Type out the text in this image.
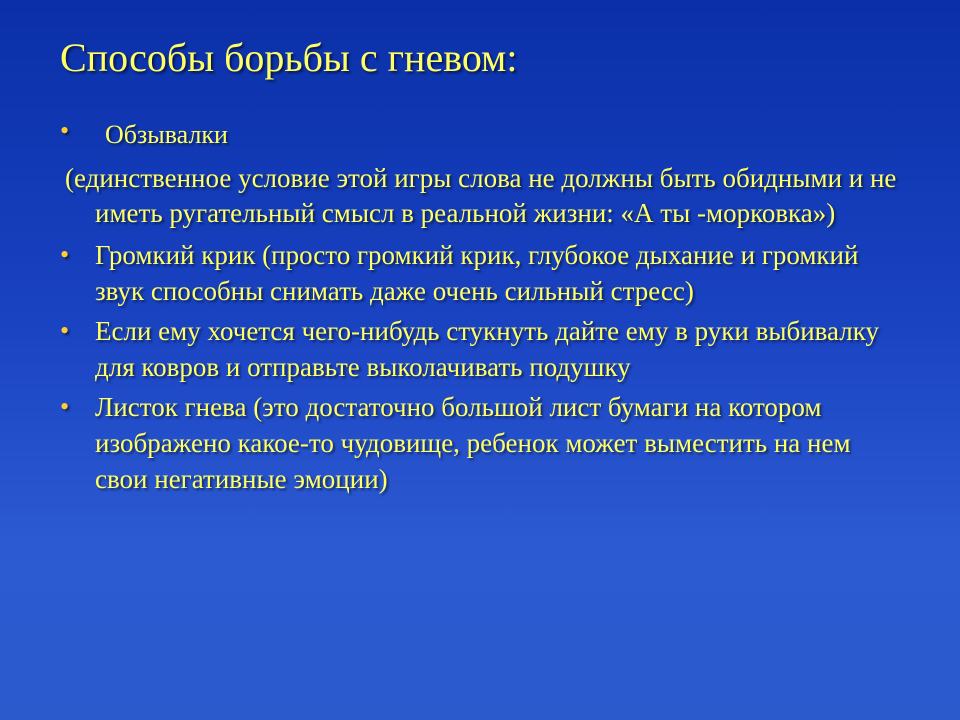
Способы борьбы с гневом:
• Обзывалки
(единственное условие этой игры слова не должны быть обидными и не иметь ругательный смысл в реальной жизни: «А ты -морковка»)
• Громкий крик (просто громкий крик, глубокое дыхание и громкий звук способны снимать даже очень сильный стресс)
• Если ему хочется чего-нибудь стукнуть дайте ему в руки выбивалку для ковров и отправьте выколачивать подушку
• Листок гнева (это достаточно большой лист бумаги на котором изображено какое-то чудовище, ребенок может выместить на нем свои негативные эмоции)
